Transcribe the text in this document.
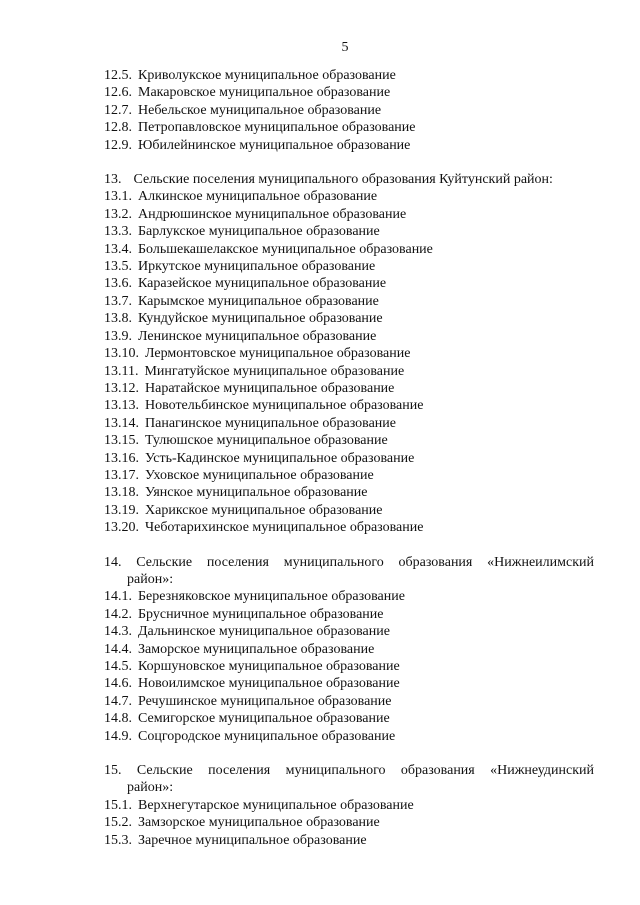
5
12.5. Криволукское муниципальное образование
12.6. Макаровское муниципальное образование
12.7. Небельское муниципальное образование
12.8. Петропавловское муниципальное образование
12.9. Юбилейнинское муниципальное образование
13. Сельские поселения муниципального образования Куйтунский район:
13.1. Алкинское муниципальное образование
13.2. Андрюшинское муниципальное образование
13.3. Барлукское муниципальное образование
13.4. Большекашелакское муниципальное образование
13.5. Иркутское муниципальное образование
13.6. Каразейское муниципальное образование
13.7. Карымское муниципальное образование
13.8. Кундуйское муниципальное образование
13.9. Ленинское муниципальное образование
13.10. Лермонтовское муниципальное образование
13.11. Мингатуйское муниципальное образование
13.12. Наратайское муниципальное образование
13.13. Новотельбинское муниципальное образование
13.14. Панагинское муниципальное образование
13.15. Тулюшское муниципальное образование
13.16. Усть-Кадинское муниципальное образование
13.17. Уховское муниципальное образование
13.18. Уянское муниципальное образование
13.19. Харикское муниципальное образование
13.20. Чеботарихинское муниципальное образование
14. Сельские поселения муниципального образования «Нижнеилимский
район»:
14.1. Березняковское муниципальное образование
14.2. Брусничное муниципальное образование
14.3. Дальнинское муниципальное образование
14.4. Заморское муниципальное образование
14.5. Коршуновское муниципальное образование
14.6. Новоилимское муниципальное образование
14.7. Речушинское муниципальное образование
14.8. Семигорское муниципальное образование
14.9. Соцгородское муниципальное образование
15. Сельские поселения муниципального образования «Нижнеудинский
район»:
15.1. Верхнегутарское муниципальное образование
15.2. Замзорское муниципальное образование
15.3. Заречное муниципальное образование
